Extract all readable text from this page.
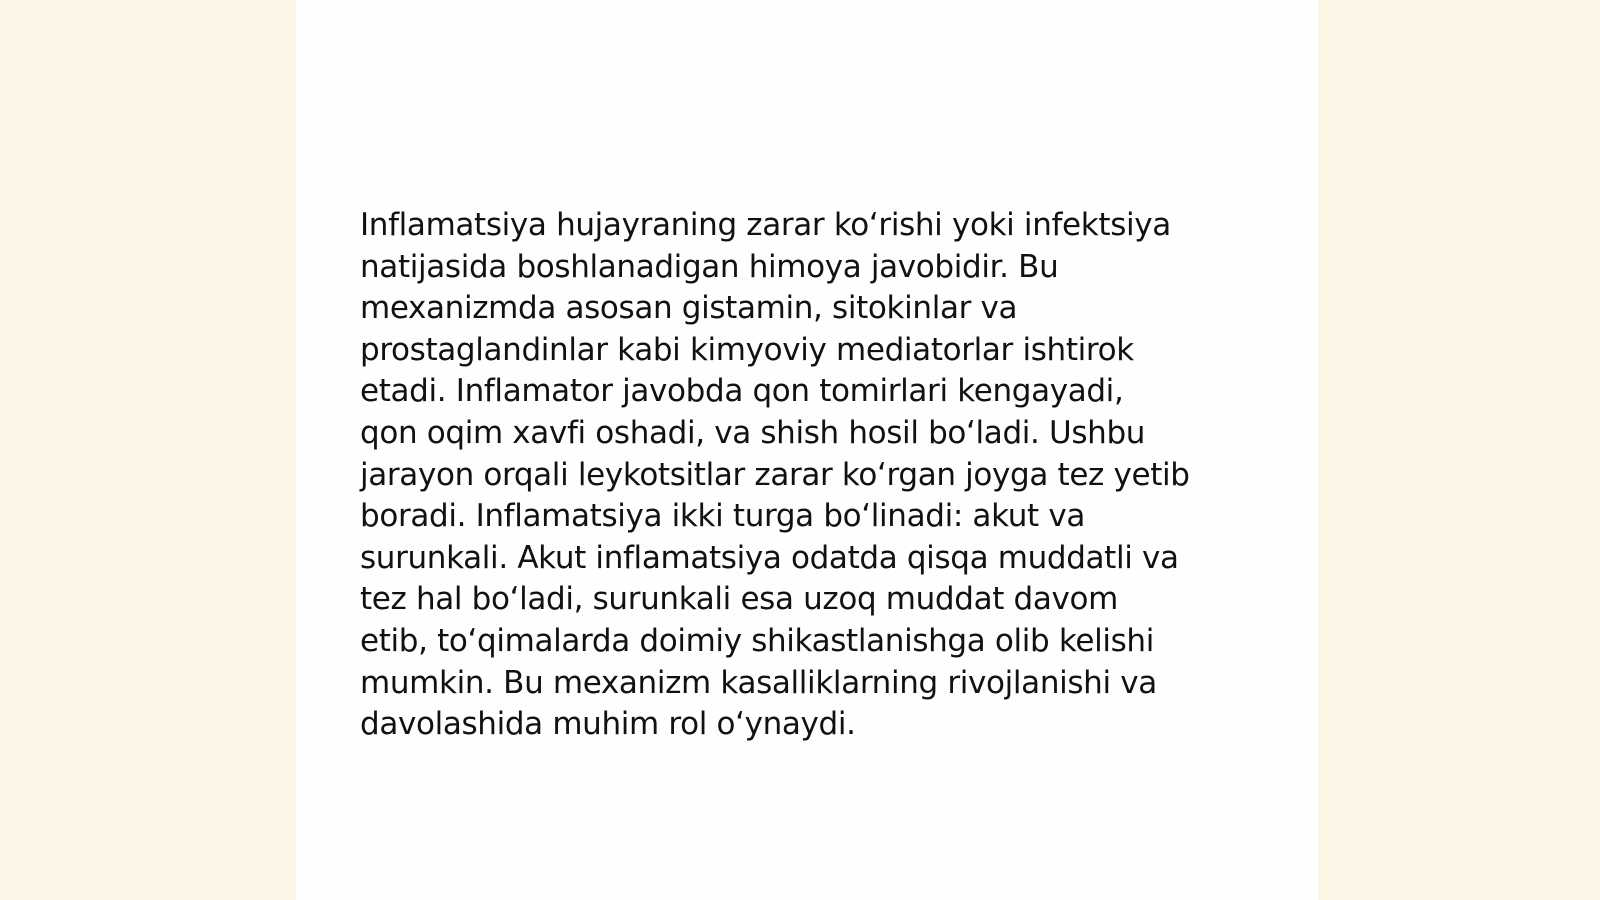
Inflamatsiya hujayraning zarar ko‘rishi yoki infektsiya
natijasida boshlanadigan himoya javobidir. Bu
mexanizmda asosan gistamin, sitokinlar va
prostaglandinlar kabi kimyoviy mediatorlar ishtirok
etadi. Inflamator javobda qon tomirlari kengayadi,
qon oqim xavfi oshadi, va shish hosil bo‘ladi. Ushbu
jarayon orqali leykotsitlar zarar ko‘rgan joyga tez yetib
boradi. Inflamatsiya ikki turga bo‘linadi: akut va
surunkali. Akut inflamatsiya odatda qisqa muddatli va
tez hal bo‘ladi, surunkali esa uzoq muddat davom
etib, to‘qimalarda doimiy shikastlanishga olib kelishi
mumkin. Bu mexanizm kasalliklarning rivojlanishi va
davolashida muhim rol o‘ynaydi.
